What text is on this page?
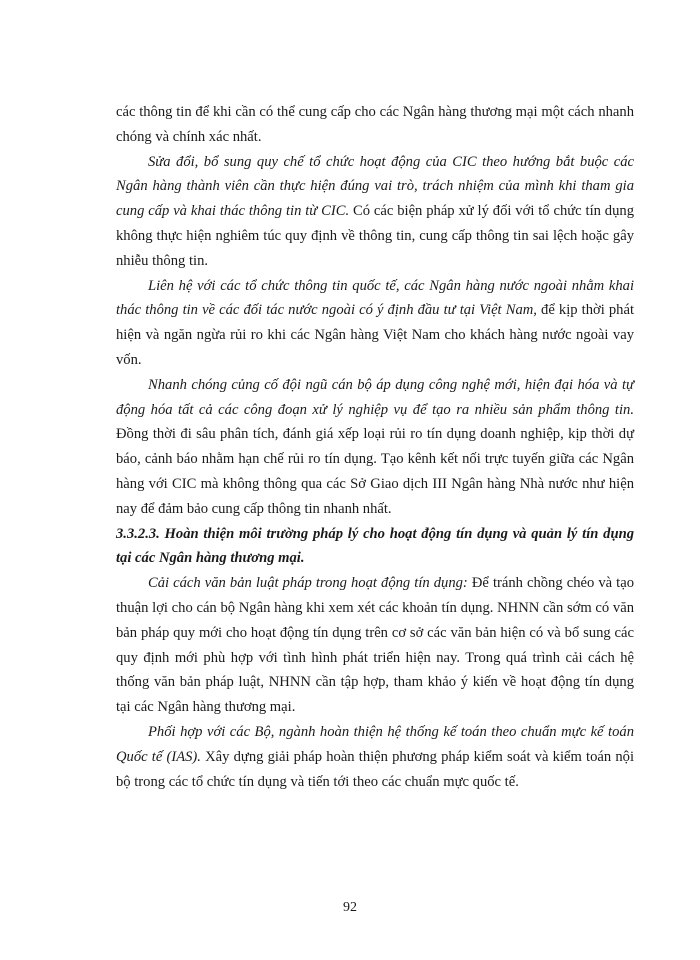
các thông tin để khi cần có thể cung cấp cho các Ngân hàng thương mại một cách nhanh chóng và chính xác nhất.

Sửa đổi, bổ sung quy chế tổ chức hoạt động của CIC theo hướng bắt buộc các Ngân hàng thành viên cần thực hiện đúng vai trò, trách nhiệm của mình khi tham gia cung cấp và khai thác thông tin từ CIC. Có các biện pháp xử lý đối với tổ chức tín dụng không thực hiện nghiêm túc quy định về thông tin, cung cấp thông tin sai lệch hoặc gây nhiễu thông tin.

Liên hệ với các tổ chức thông tin quốc tế, các Ngân hàng nước ngoài nhằm khai thác thông tin về các đối tác nước ngoài có ý định đầu tư tại Việt Nam, để kịp thời phát hiện và ngăn ngừa rủi ro khi các Ngân hàng Việt Nam cho khách hàng nước ngoài vay vốn.

Nhanh chóng củng cố đội ngũ cán bộ áp dụng công nghệ mới, hiện đại hóa và tự động hóa tất cả các công đoạn xử lý nghiệp vụ để tạo ra nhiều sản phẩm thông tin. Đồng thời đi sâu phân tích, đánh giá xếp loại rủi ro tín dụng doanh nghiệp, kịp thời dự báo, cảnh báo nhằm hạn chế rủi ro tín dụng. Tạo kênh kết nối trực tuyến giữa các Ngân hàng với CIC mà không thông qua các Sở Giao dịch III Ngân hàng Nhà nước như hiện nay để đảm bảo cung cấp thông tin nhanh nhất.

3.3.2.3. Hoàn thiện môi trường pháp lý cho hoạt động tín dụng và quản lý tín dụng tại các Ngân hàng thương mại.

Cải cách văn bản luật pháp trong hoạt động tín dụng: Để tránh chồng chéo và tạo thuận lợi cho cán bộ Ngân hàng khi xem xét các khoản tín dụng. NHNN cần sớm có văn bản pháp quy mới cho hoạt động tín dụng trên cơ sở các văn bản hiện có và bổ sung các quy định mới phù hợp với tình hình phát triển hiện nay. Trong quá trình cải cách hệ thống văn bản pháp luật, NHNN cần tập hợp, tham khảo ý kiến về hoạt động tín dụng tại các Ngân hàng thương mại.

Phối hợp với các Bộ, ngành hoàn thiện hệ thống kế toán theo chuẩn mực kế toán Quốc tế (IAS). Xây dựng giải pháp hoàn thiện phương pháp kiểm soát và kiểm toán nội bộ trong các tổ chức tín dụng và tiến tới theo các chuẩn mực quốc tế.

92
